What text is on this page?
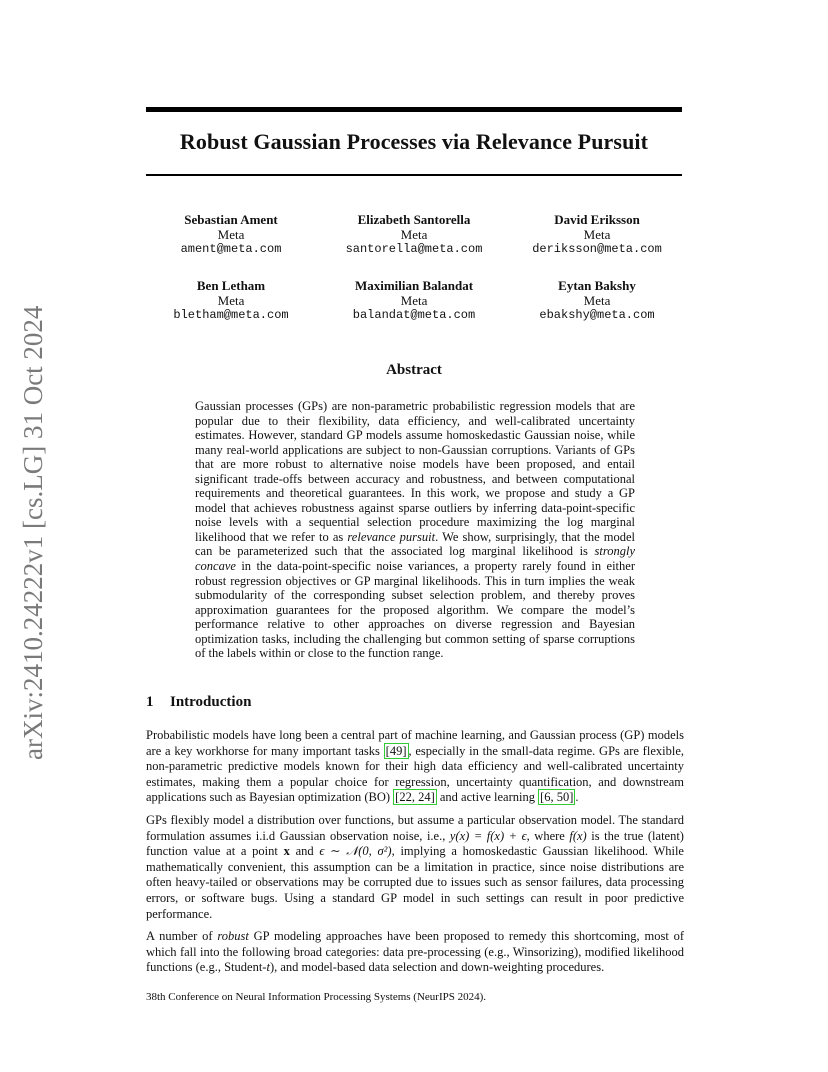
arXiv:2410.24222v1 [cs.LG] 31 Oct 2024
Robust Gaussian Processes via Relevance Pursuit
Sebastian Ament
Meta
ament@meta.com
Elizabeth Santorella
Meta
santorella@meta.com
David Eriksson
Meta
deriksson@meta.com
Ben Letham
Meta
bletham@meta.com
Maximilian Balandat
Meta
balandat@meta.com
Eytan Bakshy
Meta
ebakshy@meta.com
Abstract

Gaussian processes (GPs) are non-parametric probabilistic regression models that are popular due to their flexibility, data efficiency, and well-calibrated uncertainty estimates. However, standard GP models assume homoskedastic Gaussian noise, while many real-world applications are subject to non-Gaussian corruptions. Variants of GPs that are more robust to alternative noise models have been proposed, and entail significant trade-offs between accuracy and robustness, and between computational requirements and theoretical guarantees. In this work, we propose and study a GP model that achieves robustness against sparse outliers by inferring data-point-specific noise levels with a sequential selection procedure maximizing the log marginal likelihood that we refer to as relevance pursuit. We show, surprisingly, that the model can be parameterized such that the associated log marginal likelihood is strongly concave in the data-point-specific noise variances, a property rarely found in either robust regression objectives or GP marginal likelihoods. This in turn implies the weak submodularity of the corresponding subset selection problem, and thereby proves approximation guarantees for the proposed algorithm. We compare the model’s performance relative to other approaches on diverse regression and Bayesian optimization tasks, including the challenging but common setting of sparse corruptions of the labels within or close to the function range.

1 Introduction

Probabilistic models have long been a central part of machine learning, and Gaussian process (GP) models are a key workhorse for many important tasks [49] , especially in the small-data regime. GPs are flexible, non-parametric predictive models known for their high data efficiency and well-calibrated uncertainty estimates, making them a popular choice for regression, uncertainty quantification, and downstream applications such as Bayesian optimization (BO) [22, 24] and active learning [6, 50] .

GPs flexibly model a distribution over functions, but assume a particular observation model. The standard formulation assumes i.i.d Gaussian observation noise, i.e., y(x) = f(x) + ϵ, where f(x) is the true (latent) function value at a point x and ϵ ∼ 𝒩(0, σ²), implying a homoskedastic Gaussian likelihood. While mathematically convenient, this assumption can be a limitation in practice, since noise distributions are often heavy-tailed or observations may be corrupted due to issues such as sensor failures, data processing errors, or software bugs. Using a standard GP model in such settings can result in poor predictive performance.

A number of robust GP modeling approaches have been proposed to remedy this shortcoming, most of which fall into the following broad categories: data pre-processing (e.g., Winsorizing), modified likelihood functions (e.g., Student-t), and model-based data selection and down-weighting procedures.

38th Conference on Neural Information Processing Systems (NeurIPS 2024).
